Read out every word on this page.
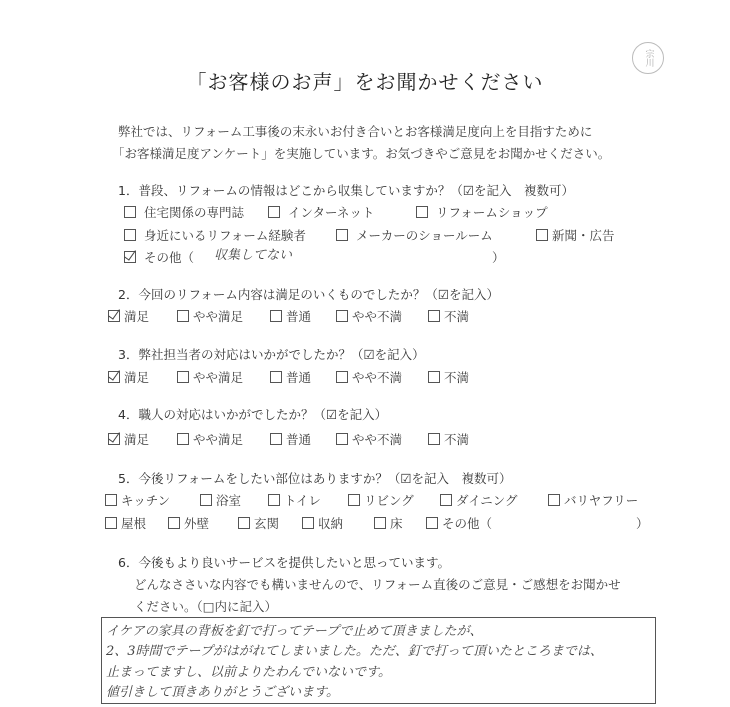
宗川
「お客様のお声」をお聞かせください
弊社では、リフォーム工事後の末永いお付き合いとお客様満足度向上を目指すために
「お客様満足度アンケート」を実施しています。お気づきやご意見をお聞かせください。
1．普段、リフォームの情報はどこから収集していますか？（☑を記入　複数可）
住宅関係の専門誌	インターネット	リフォームショップ
身近にいるリフォーム経験者	メーカーのショールーム	新聞・広告
その他（ 収集してない	）
2．今回のリフォーム内容は満足のいくものでしたか？（☑を記入）
満足	やや満足	普通	やや不満	不満
3．弊社担当者の対応はいかがでしたか？（☑を記入）
満足	やや満足	普通	やや不満	不満
4．職人の対応はいかがでしたか？（☑を記入）
満足	やや満足	普通	やや不満	不満
5．今後リフォームをしたい部位はありますか？（☑を記入　複数可）
キッチン	浴室	トイレ	リビング	ダイニング	バリヤフリー
屋根	外壁	玄関	収納	床	その他（	）
6．今後もより良いサービスを提供したいと思っています。
どんなささいな内容でも構いませんので、リフォーム直後のご意見・ご感想をお聞かせ
ください。（□内に記入）
イケアの家具の背板を釘で打ってテープで止めて頂きましたが、
2、3時間でテープがはがれてしまいました。ただ、釘で打って頂いたところまでは、
止まってますし、以前よりたわんでいないです。
値引きして頂きありがとうございます。
